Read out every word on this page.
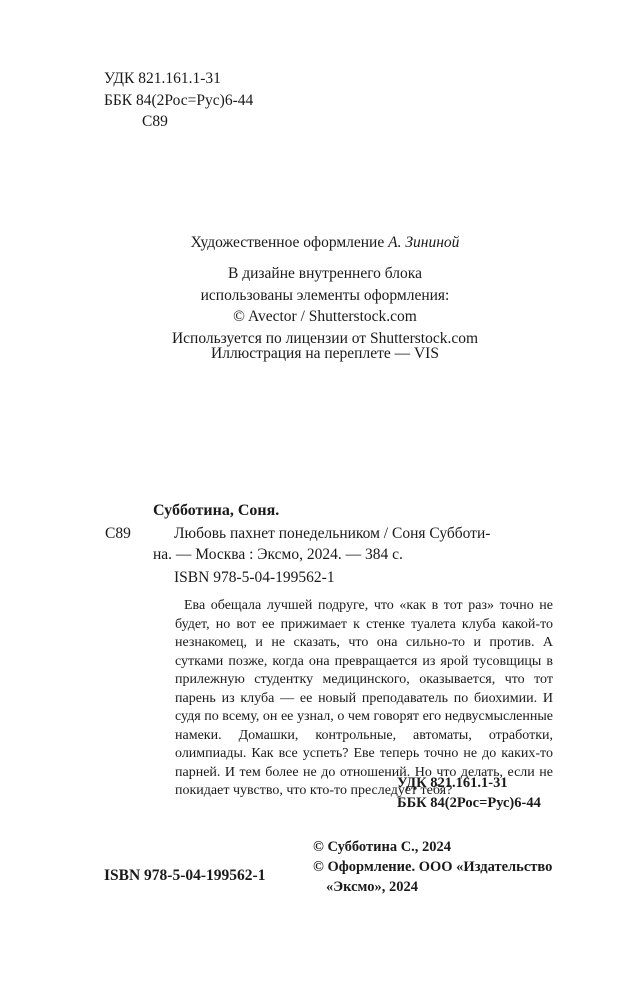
УДК 821.161.1-31
ББК 84(2Рос=Рус)6-44
С89
Художественное оформление А. Зининой
В дизайне внутреннего блока
использованы элементы оформления:
© Avector / Shutterstock.com
Используется по лицензии от Shutterstock.com
Иллюстрация на переплете — VIS
Субботина, Соня.
С89	Любовь пахнет понедельником / Соня Субботи-
на. — Москва : Эксмо, 2024. — 384 с.
ISBN 978-5-04-199562-1
Ева обещала лучшей подруге, что «как в тот раз» точно не будет, но вот ее прижимает к стенке туалета клуба какой-то незнакомец, и не сказать, что она сильно-то и против. А сутками позже, когда она превращается из ярой тусовщицы в прилежную студентку медицинского, оказывается, что тот парень из клуба — ее новый преподаватель по биохимии. И судя по всему, он ее узнал, о чем говорят его недвусмысленные намеки. Домашки, контрольные, автоматы, отработки, олимпиады. Как все успеть? Еве теперь точно не до каких-то парней. И тем более не до отношений. Но что делать, если не покидает чувство, что кто-то преследует тебя?
УДК 821.161.1-31
ББК 84(2Рос=Рус)6-44
ISBN 978-5-04-199562-1
© Субботина С., 2024
© Оформление. ООО «Издательство
«Эксмо», 2024
